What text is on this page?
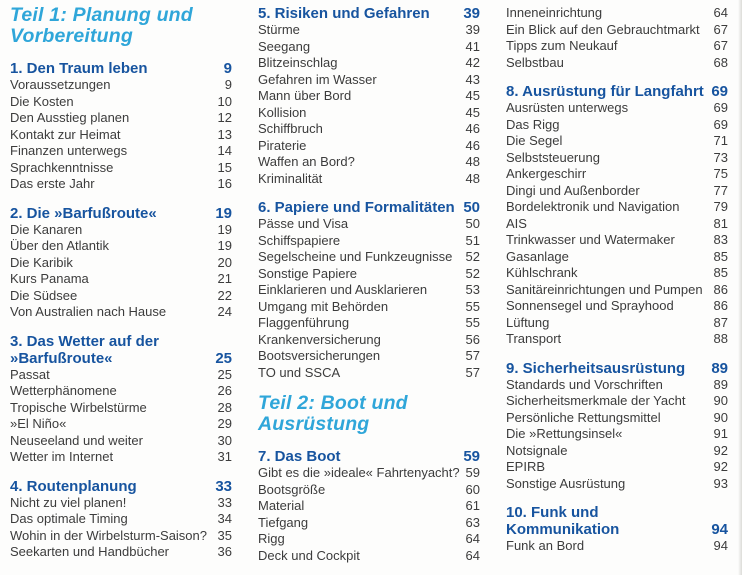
Teil 1: Planung und
Vorbereitung
1. Den Traum leben	9
Voraussetzungen	9
Die Kosten	10
Den Ausstieg planen	12
Kontakt zur Heimat	13
Finanzen unterwegs	14
Sprachkenntnisse	15
Das erste Jahr	16
2. Die »Barfußroute«	19
Die Kanaren	19
Über den Atlantik	19
Die Karibik	20
Kurs Panama	21
Die Südsee	22
Von Australien nach Hause	24
3. Das Wetter auf der
»Barfußroute«	25
Passat	25
Wetterphänomene	26
Tropische Wirbelstürme	28
»El Niño«	29
Neuseeland und weiter	30
Wetter im Internet	31
4. Routenplanung	33
Nicht zu viel planen!	33
Das optimale Timing	34
Wohin in der Wirbelsturm-Saison? 35
Seekarten und Handbücher	36
5. Risiken und Gefahren 39
Stürme	39
Seegang	41
Blitzeinschlag	42
Gefahren im Wasser	43
Mann über Bord	45
Kollision	45
Schiffbruch	46
Piraterie	46
Waffen an Bord?	48
Kriminalität	48
6. Papiere und Formalitäten 50
Pässe und Visa	50
Schiffspapiere	51
Segelscheine und Funkzeugnisse	52
Sonstige Papiere	52
Einklarieren und Ausklarieren	53
Umgang mit Behörden	55
Flaggenführung	55
Krankenversicherung	56
Bootsversicherungen	57
TO und SSCA	57
Teil 2: Boot und
Ausrüstung
7. Das Boot	59
Gibt es die »ideale« Fahrtenyacht? 59
Bootsgröße	60
Material	61
Tiefgang	63
Rigg	64
Deck und Cockpit	64
Inneneinrichtung	64
Ein Blick auf den Gebrauchtmarkt	67
Tipps zum Neukauf	67
Selbstbau	68
8. Ausrüstung für Langfahrt 69
Ausrüsten unterwegs	69
Das Rigg	69
Die Segel	71
Selbststeuerung	73
Ankergeschirr	75
Dingi und Außenborder	77
Bordelektronik und Navigation	79
AIS	81
Trinkwasser und Watermaker	83
Gasanlage	85
Kühlschrank	85
Sanitäreinrichtungen und Pumpen 86
Sonnensegel und Sprayhood	86
Lüftung	87
Transport	88
9. Sicherheitsausrüstung 89
Standards und Vorschriften	89
Sicherheitsmerkmale der Yacht	90
Persönliche Rettungsmittel	90
Die »Rettungsinsel«	91
Notsignale	92
EPIRB	92
Sonstige Ausrüstung	93
10. Funk und
Kommunikation	94
Funk an Bord	94
